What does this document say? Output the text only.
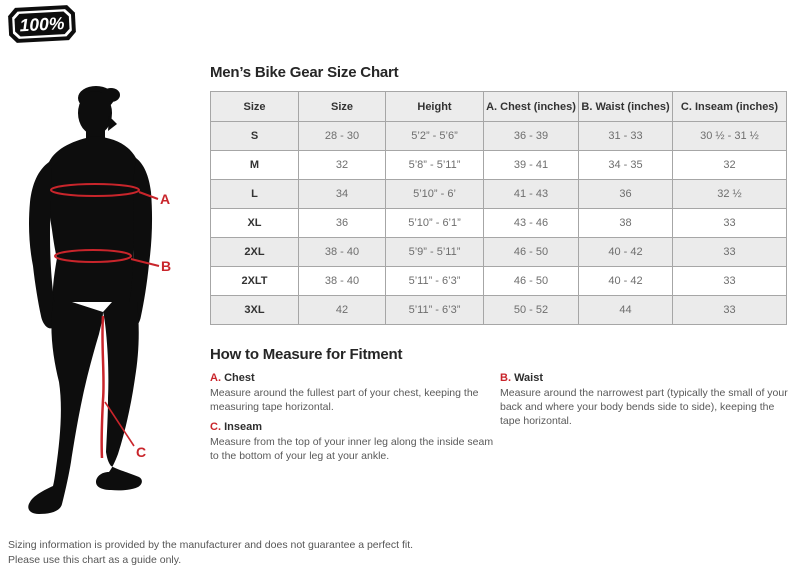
100%
A
B
C
Men’s Bike Gear Size Chart
Size	Size	Height	A. Chest (inches)	B. Waist (inches)	C. Inseam (inches)
S	28 - 30	5’2” - 5’6”	36 - 39	31 - 33	30 ½ - 31 ½
M	32	5’8” - 5’11”	39 - 41	34 - 35	32
L	34	5’10” - 6’	41 - 43	36	32 ½
XL	36	5’10” - 6’1”	43 - 46	38	33
2XL	38 - 40	5’9” - 5’11”	46 - 50	40 - 42	33
2XLT	38 - 40	5’11” - 6’3”	46 - 50	40 - 42	33
3XL	42	5’11” - 6’3”	50 - 52	44	33
How to Measure for Fitment
A. Chest

Measure around the fullest part of your chest, keeping the measuring tape horizontal.

B. Waist

Measure around the narrowest part (typically the small of your back and where your body bends side to side), keeping the tape horizontal.

C. Inseam

Measure from the top of your inner leg along the inside seam to the bottom of your leg at your ankle.

Sizing information is provided by the manufacturer and does not guarantee a perfect fit.
Please use this chart as a guide only.
